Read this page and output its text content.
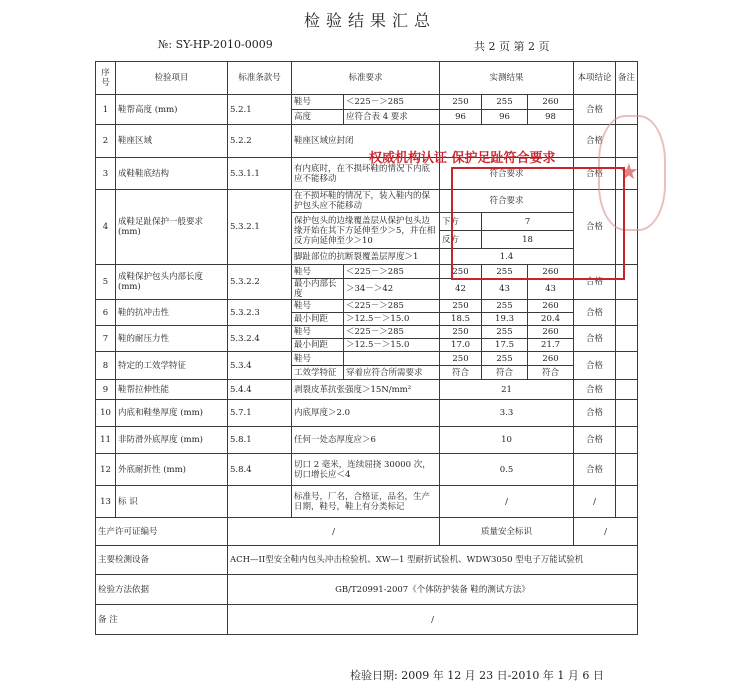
检验结果汇总
№: SY-HP-2010-0009	共 2 页 第 2 页
序号	检验项目	标准条款号	标准要求		实测结果			本项结论	备注
1	鞋帮高度 (mm)	5.2.1	鞋号	＜225－＞285	250	255	260	合格	
			高度	应符合表 4 要求	96	96	98		
2	鞋座区域	5.2.2	鞋座区域应封闭					合格	
3	成鞋鞋底结构	5.3.1.1	有内底时，在不损坏鞋的情况下内底应不能移动		符合要求			合格	
4	成鞋足趾保护一般要求 (mm)	5.3.2.1	在不损坏鞋的情况下，装入鞋内的保护包头应不能移动		符合要求			合格	
			保护包头的边缘覆盖层从保护包头边缘开始在其下方延伸至少＞5，并在相反方向延伸至少＞10		下方	7			
					反方	18			
			脚趾部位的抗断裂覆盖层厚度＞1		1.4				
5	成鞋保护包头内部长度 (mm)	5.3.2.2	鞋号	＜225－＞285	250	255	260	合格	
			最小内部长度	＞34－＞42	42	43	43		
6	鞋的抗冲击性	5.3.2.3	鞋号	＜225－＞285	250	255	260	合格	
			最小间距	＞12.5－＞15.0	18.5	19.3	20.4		
7	鞋的耐压力性	5.3.2.4	鞋号	＜225－＞285	250	255	260	合格	
			最小间距	＞12.5－＞15.0	17.0	17.5	21.7		
8	特定的工效学特征	5.3.4	鞋号		250	255	260	合格	
			工效学特征	穿着应符合所需要求	符合	符合	符合		
9	鞋帮拉伸性能	5.4.4	剥裂皮革抗张强度＞15N/mm²		21			合格	
10	内底和鞋垫厚度 (mm)	5.7.1	内底厚度＞2.0		3.3			合格	
11	非防滑外底厚度 (mm)	5.8.1	任何一处态厚度应＞6		10			合格	
12	外底耐折性 (mm)	5.8.4	切口 2 毫米，连续屈挠 30000 次，切口增长应＜4		0.5			合格	
13	标 识		标准号，厂名，合格证，品名，生产日期，鞋号，鞋上有分类标记		/			/	
生产许可证编号		/			质量安全标识			/	
主要检测设备		ACH—II型安全鞋内包头冲击检验机、XW—1 型耐折试验机、WDW3050 型电子万能试验机							
检验方法依据		GB/T20991-2007《个体防护装备 鞋的测试方法》							
备 注		/							
★
权威机构认证 保护足趾符合要求
检验日期: 2009 年 12 月 23 日-2010 年 1 月 6 日
